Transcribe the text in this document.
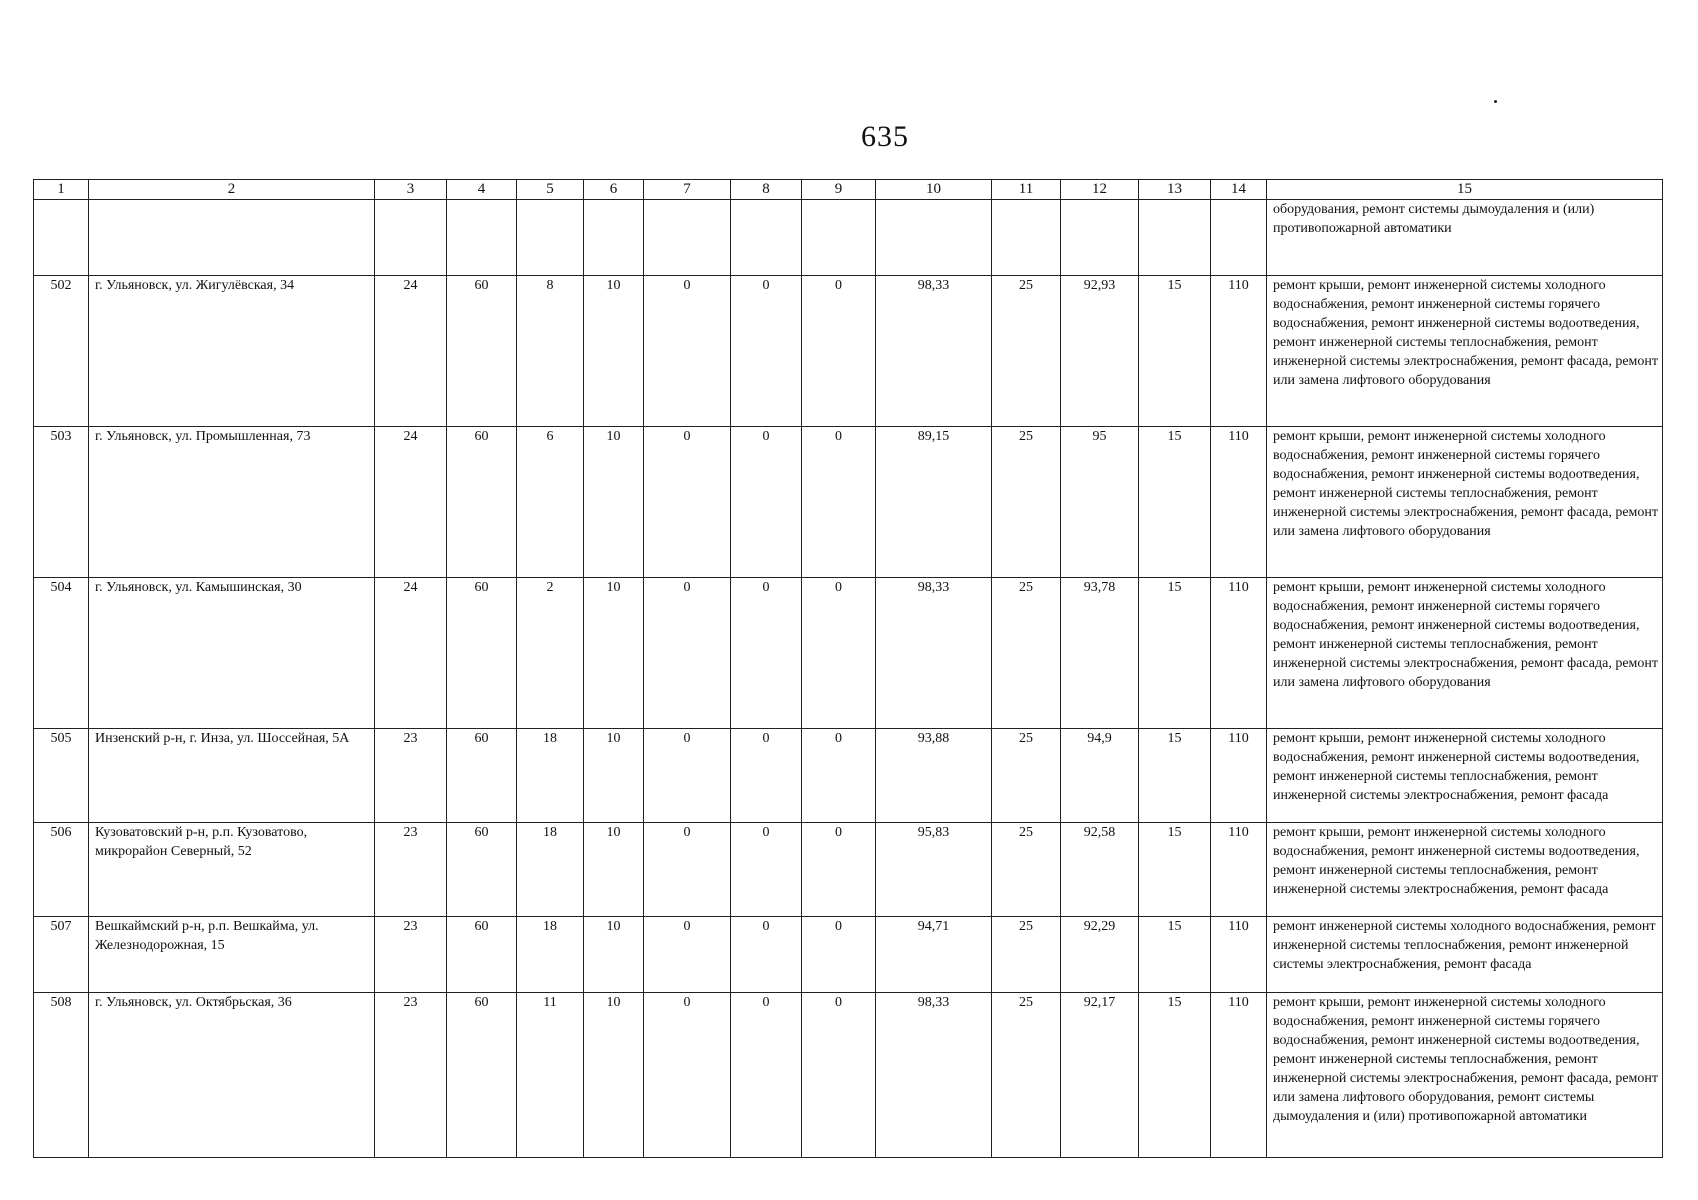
635
1	2	3	4	5	6	7	8	9	10	11	12	13	14	15
														оборудования, ремонт системы дымоудаления и (или) противопожарной автоматики
502	г. Ульяновск, ул. Жигулёвская, 34	24	60	8	10	0	0	0	98,33	25	92,93	15	110	ремонт крыши, ремонт инженерной системы холодного водоснабжения, ремонт инженерной системы горячего водоснабжения, ремонт инженерной системы водоотведения, ремонт инженерной системы теплоснабжения, ремонт инженерной системы электроснабжения, ремонт фасада, ремонт или замена лифтового оборудования
503	г. Ульяновск, ул. Промышленная, 73	24	60	6	10	0	0	0	89,15	25	95	15	110	ремонт крыши, ремонт инженерной системы холодного водоснабжения, ремонт инженерной системы горячего водоснабжения, ремонт инженерной системы водоотведения, ремонт инженерной системы теплоснабжения, ремонт инженерной системы электроснабжения, ремонт фасада, ремонт или замена лифтового оборудования
504	г. Ульяновск, ул. Камышинская, 30	24	60	2	10	0	0	0	98,33	25	93,78	15	110	ремонт крыши, ремонт инженерной системы холодного водоснабжения, ремонт инженерной системы горячего водоснабжения, ремонт инженерной системы водоотведения, ремонт инженерной системы теплоснабжения, ремонт инженерной системы электроснабжения, ремонт фасада, ремонт или замена лифтового оборудования
505	Инзенский р-н, г. Инза, ул. Шоссейная, 5А	23	60	18	10	0	0	0	93,88	25	94,9	15	110	ремонт крыши, ремонт инженерной системы холодного водоснабжения, ремонт инженерной системы водоотведения, ремонт инженерной системы теплоснабжения, ремонт инженерной системы электроснабжения, ремонт фасада
506	Кузоватовский р-н, р.п. Кузоватово, микрорайон Северный, 52	23	60	18	10	0	0	0	95,83	25	92,58	15	110	ремонт крыши, ремонт инженерной системы холодного водоснабжения, ремонт инженерной системы водоотведения, ремонт инженерной системы теплоснабжения, ремонт инженерной системы электроснабжения, ремонт фасада
507	Вешкаймский р-н, р.п. Вешкайма, ул. Железнодорожная, 15	23	60	18	10	0	0	0	94,71	25	92,29	15	110	ремонт инженерной системы холодного водоснабжения, ремонт инженерной системы теплоснабжения, ремонт инженерной системы электроснабжения, ремонт фасада
508	г. Ульяновск, ул. Октябрьская, 36	23	60	11	10	0	0	0	98,33	25	92,17	15	110	ремонт крыши, ремонт инженерной системы холодного водоснабжения, ремонт инженерной системы горячего водоснабжения, ремонт инженерной системы водоотведения, ремонт инженерной системы теплоснабжения, ремонт инженерной системы электроснабжения, ремонт фасада, ремонт или замена лифтового оборудования, ремонт системы дымоудаления и (или) противопожарной автоматики
